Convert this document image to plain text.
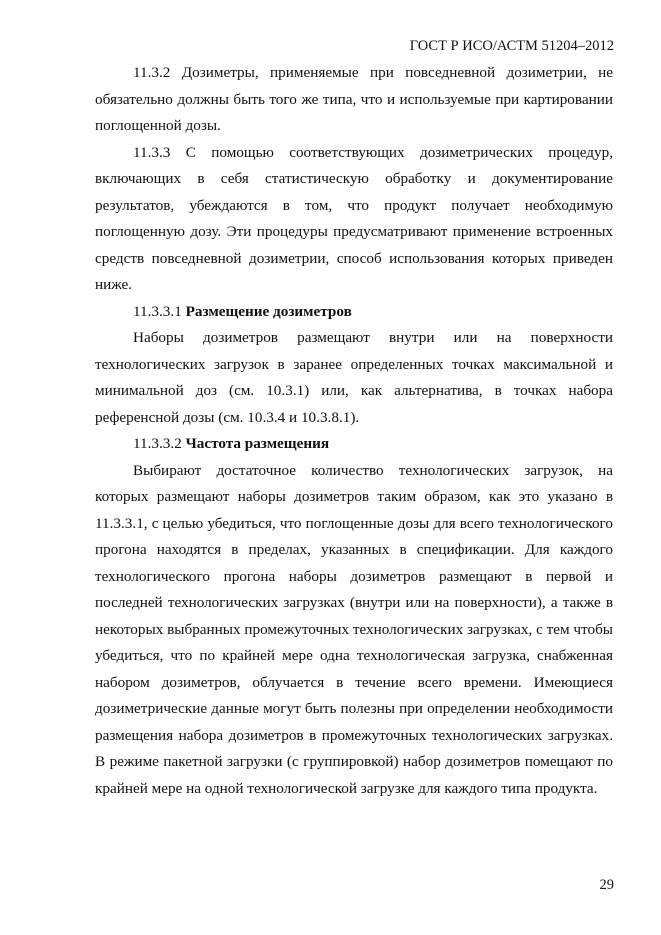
ГОСТ Р ИСО/АСТМ 51204–2012

11.3.2 Дозиметры, применяемые при повседневной дозиметрии, не обязательно должны быть того же типа, что и используемые при картировании поглощенной дозы.

11.3.3 С помощью соответствующих дозиметрических процедур, включающих в себя статистическую обработку и документирование результатов, убеждаются в том, что продукт получает необходимую поглощенную дозу. Эти процедуры предусматривают применение встроенных средств повседневной дозиметрии, способ использования которых приведен ниже.

11.3.3.1 Размещение дозиметров

Наборы дозиметров размещают внутри или на поверхности технологических загрузок в заранее определенных точках максимальной и минимальной доз (см. 10.3.1) или, как альтернатива, в точках набора референсной дозы (см. 10.3.4 и 10.3.8.1).

11.3.3.2 Частота размещения

Выбирают достаточное количество технологических загрузок, на которых размещают наборы дозиметров таким образом, как это указано в 11.3.3.1, с целью убедиться, что поглощенные дозы для всего технологического прогона находятся в пределах, указанных в спецификации. Для каждого технологического прогона наборы дозиметров размещают в первой и последней технологических загрузках (внутри или на поверхности), а также в некоторых выбранных промежуточных технологических загрузках, с тем чтобы убедиться, что по крайней мере одна технологическая загрузка, снабженная набором дозиметров, облучается в течение всего времени. Имеющиеся дозиметрические данные могут быть полезны при определении необходимости размещения набора дозиметров в промежуточных технологических загрузках. В режиме пакетной загрузки (с группировкой) набор дозиметров помещают по крайней мере на одной технологической загрузке для каждого типа продукта.

29
